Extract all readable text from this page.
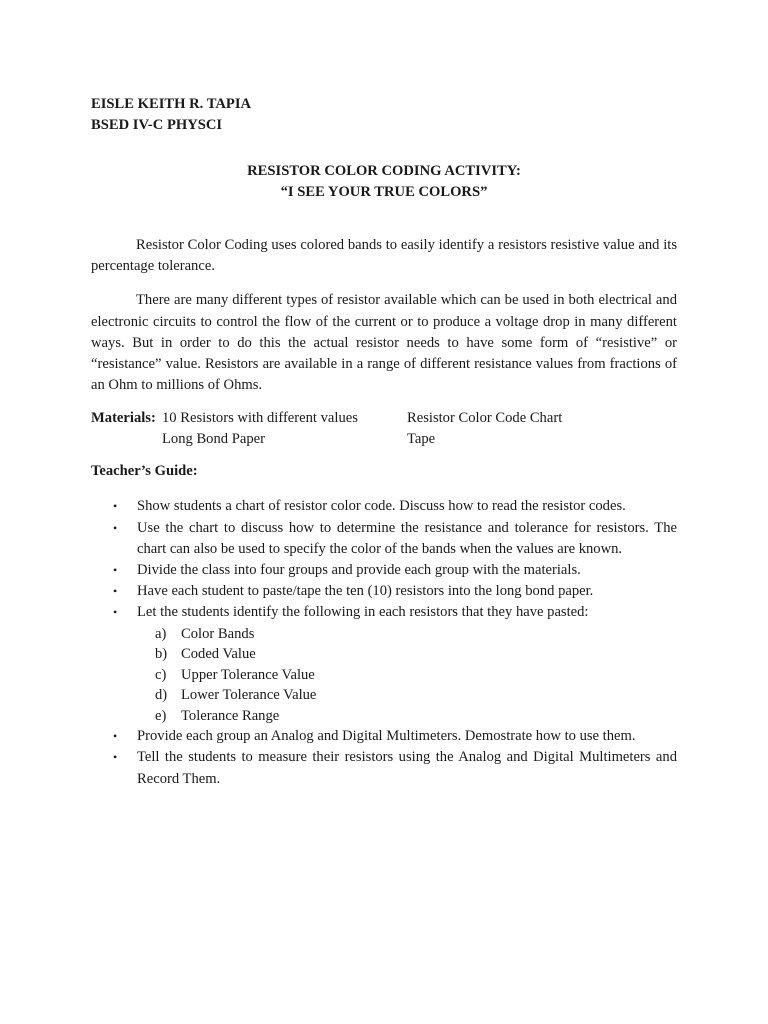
EISLE KEITH R. TAPIA
BSED IV-C PHYSCI
RESISTOR COLOR CODING ACTIVITY:
“I SEE YOUR TRUE COLORS”

Resistor Color Coding uses colored bands to easily identify a resistors resistive value and its percentage tolerance.

There are many different types of resistor available which can be used in both electrical and electronic circuits to control the flow of the current or to produce a voltage drop in many different ways. But in order to do this the actual resistor needs to have some form of “resistive” or “resistance” value. Resistors are available in a range of different resistance values from fractions of an Ohm to millions of Ohms.

Materials: 10 Resistors with different values	Resistor Color Code Chart
Long Bond Paper	Tape
Teacher’s Guide:
• Show students a chart of resistor color code. Discuss how to read the resistor codes.
• Use the chart to discuss how to determine the resistance and tolerance for resistors. The chart can also be used to specify the color of the bands when the values are known.
• Divide the class into four groups and provide each group with the materials.
• Have each student to paste/tape the ten (10) resistors into the long bond paper.
• Let the students identify the following in each resistors that they have pasted:
a) Color Bands
b) Coded Value
c) Upper Tolerance Value
d) Lower Tolerance Value
e) Tolerance Range
• Provide each group an Analog and Digital Multimeters. Demostrate how to use them.
• Tell the students to measure their resistors using the Analog and Digital Multimeters and Record Them.
